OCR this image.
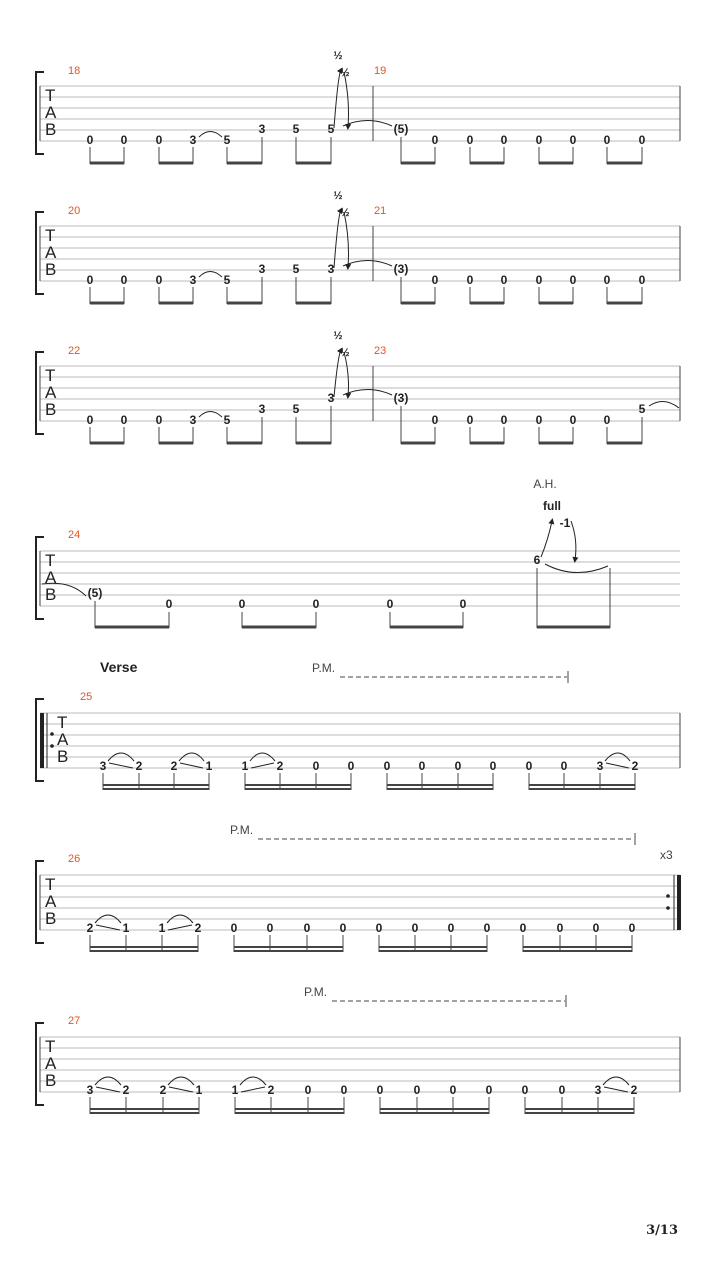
T
A
B
18	19
0 0 0 3 5
3 5 5	(5)
0 0 0 0 0 0 0
½
½
T
A
B
20	21
0 0 0 3 5
3 5 3	(3)
0 0 0 0 0 0 0
½
½
T
A
B
22	23
0 0 0 3 5
3 5
3	(3)
0 0 0 0 0 0
5
½
½
T
A
B
24
(5)
0	0	0	0	0
6
A.H.
full
-1
Verse	P.M.
T
A
B
25
3 2 2 1 1 2 0 0 0 0 0 0 0 0 3 2
P.M.
x3
T
A
B
26
2 1 1 2 0 0	0 0 0 0 0 0 0	0 0 0
P.M.
T
A
B
27
3 2	2 1 1 2	0 0 0	0 0 0 0	0 3 2
3/13
